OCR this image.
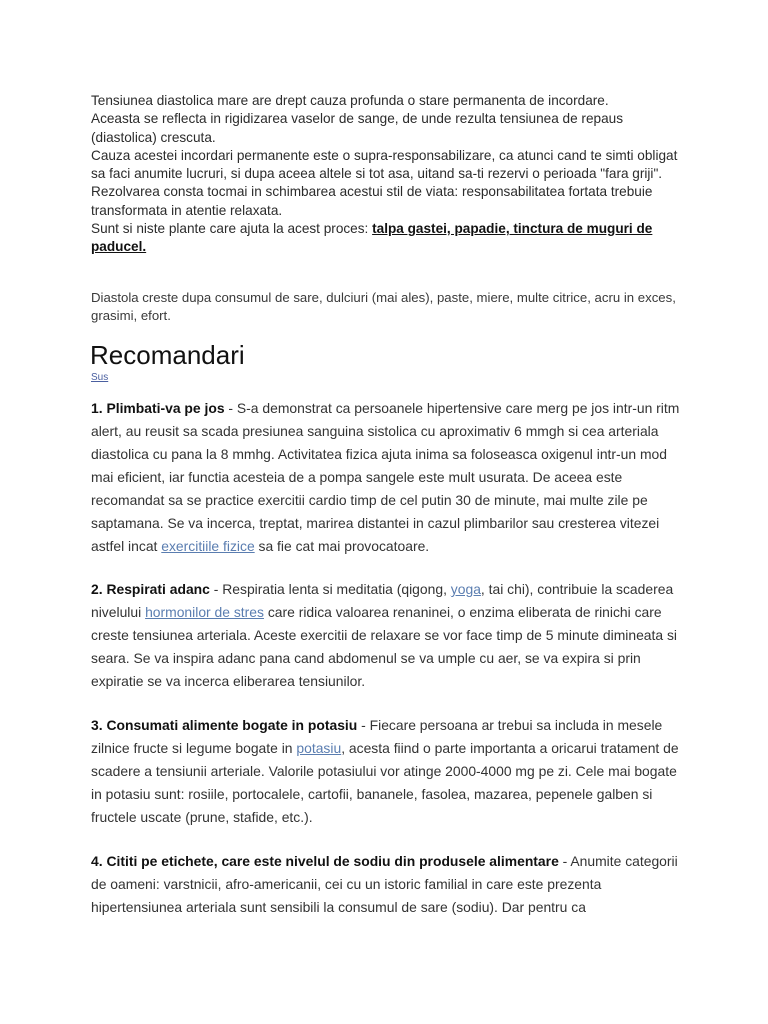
Tensiunea diastolica mare are drept cauza profunda o stare permanenta de incordare.

Aceasta se reflecta in rigidizarea vaselor de sange, de unde rezulta tensiunea de repaus (diastolica) crescuta.

Cauza acestei incordari permanente este o supra-responsabilizare, ca atunci cand te simti obligat sa faci anumite lucruri, si dupa aceea altele si tot asa, uitand sa-ti rezervi o perioada "fara griji".

Rezolvarea consta tocmai in schimbarea acestui stil de viata: responsabilitatea fortata trebuie transformata in atentie relaxata.

Sunt si niste plante care ajuta la acest proces: talpa gastei, papadie, tinctura de muguri de paducel.

Diastola creste dupa consumul de sare, dulciuri (mai ales), paste, miere, multe citrice, acru in exces, grasimi, efort.

Recomandari
Sus

1. Plimbati-va pe jos - S-a demonstrat ca persoanele hipertensive care merg pe jos intr-un ritm alert, au reusit sa scada presiunea sanguina sistolica cu aproximativ 6 mmgh si cea arteriala diastolica cu pana la 8 mmhg. Activitatea fizica ajuta inima sa foloseasca oxigenul intr-un mod mai eficient, iar functia acesteia de a pompa sangele este mult usurata. De aceea este recomandat sa se practice exercitii cardio timp de cel putin 30 de minute, mai multe zile pe saptamana. Se va incerca, treptat, marirea distantei in cazul plimbarilor sau cresterea vitezei astfel incat exercitiile fizice sa fie cat mai provocatoare.

2. Respirati adanc - Respiratia lenta si meditatia (qigong, yoga, tai chi), contribuie la scaderea nivelului hormonilor de stres care ridica valoarea renaninei, o enzima eliberata de rinichi care creste tensiunea arteriala. Aceste exercitii de relaxare se vor face timp de 5 minute dimineata si seara. Se va inspira adanc pana cand abdomenul se va umple cu aer, se va expira si prin expiratie se va incerca eliberarea tensiunilor.

3. Consumati alimente bogate in potasiu - Fiecare persoana ar trebui sa includa in mesele zilnice fructe si legume bogate in potasiu, acesta fiind o parte importanta a oricarui tratament de scadere a tensiunii arteriale. Valorile potasiului vor atinge 2000-4000 mg pe zi. Cele mai bogate in potasiu sunt: rosiile, portocalele, cartofii, bananele, fasolea, mazarea, pepenele galben si fructele uscate (prune, stafide, etc.).

4. Cititi pe etichete, care este nivelul de sodiu din produsele alimentare - Anumite categorii de oameni: varstnicii, afro-americanii, cei cu un istoric familial in care este prezenta hipertensiunea arteriala sunt sensibili la consumul de sare (sodiu). Dar pentru ca
